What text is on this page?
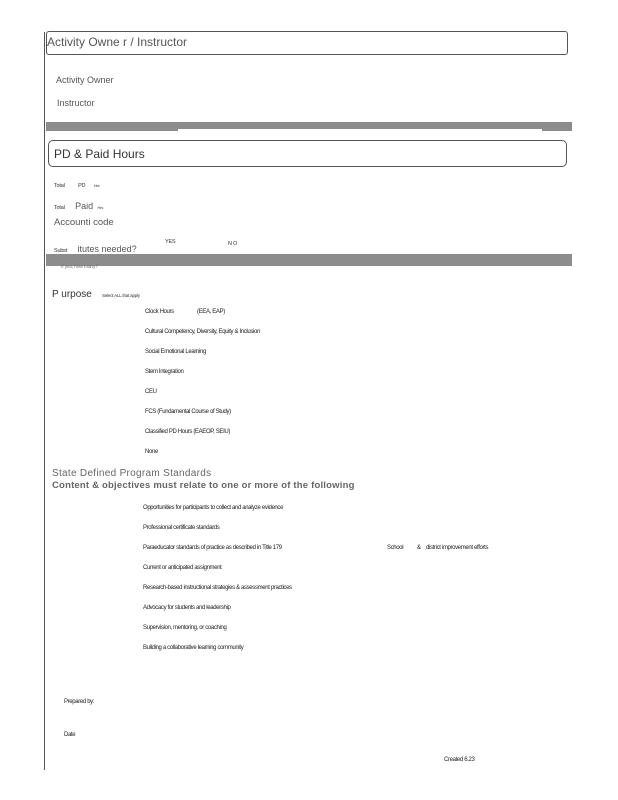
Activity Owne r / Instructor
Activity Owner
Instructor
PD & Paid Hours
Total PD Hrs
Total Paid Hrs
Accounti code
Subst itutes needed?
YES	N O
If yes, how many?
P urpose Select ALL that apply
Clock Hours	(EEA, EAP)
Cultural Competency, Diversity, Equity & Inclusion
Social Emotional Learning
Stem Integration
CEU
FCS (Fundamental Course of Study)
Classified PD Hours (EAEOP, SEIU)
None
State Defined Program Standards
Content & objectives must relate to one or more of the following
Opportunities for participants to collect and analyze evidence
Professional certificate standards
Paraeducator standards of practice as described in Title 179	School & district improvement efforts
Current or anticipated assignment
Research-based instructional strategies & assessment practices
Advocacy for students and leadership
Supervision, mentoring, or coaching
Building a collaborative learning community
Prepared by:
Date
Created 6.23
